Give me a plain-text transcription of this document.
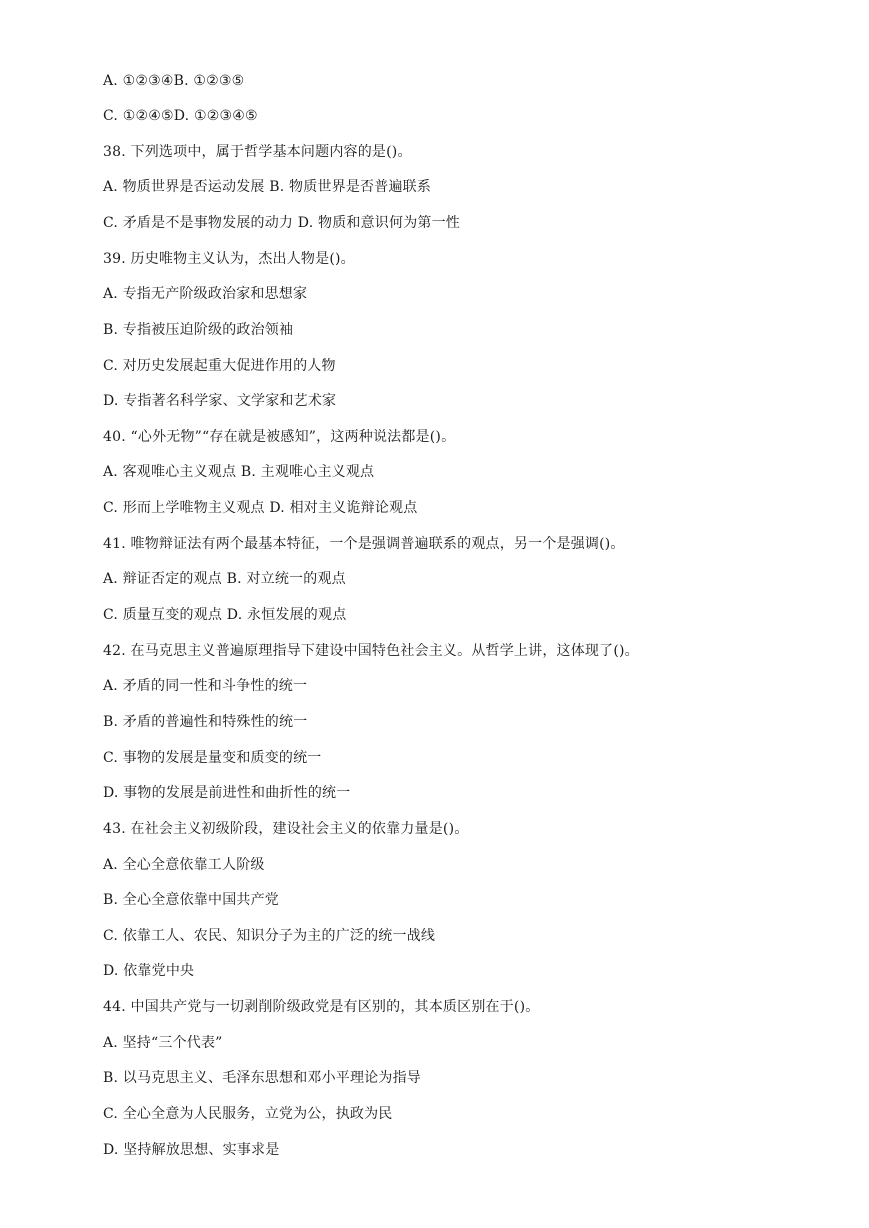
A. ①②③④B. ①②③⑤
C. ①②④⑤D. ①②③④⑤
38. 下列选项中，属于哲学基本问题内容的是()。
A. 物质世界是否运动发展 B. 物质世界是否普遍联系
C. 矛盾是不是事物发展的动力 D. 物质和意识何为第一性
39. 历史唯物主义认为，杰出人物是()。
A. 专指无产阶级政治家和思想家
B. 专指被压迫阶级的政治领袖
C. 对历史发展起重大促进作用的人物
D. 专指著名科学家、文学家和艺术家
40. “心外无物”“存在就是被感知”，这两种说法都是()。
A. 客观唯心主义观点 B. 主观唯心主义观点
C. 形而上学唯物主义观点 D. 相对主义诡辩论观点
41. 唯物辩证法有两个最基本特征，一个是强调普遍联系的观点，另一个是强调()。
A. 辩证否定的观点 B. 对立统一的观点
C. 质量互变的观点 D. 永恒发展的观点
42. 在马克思主义普遍原理指导下建设中国特色社会主义。从哲学上讲，这体现了()。
A. 矛盾的同一性和斗争性的统一
B. 矛盾的普遍性和特殊性的统一
C. 事物的发展是量变和质变的统一
D. 事物的发展是前进性和曲折性的统一
43. 在社会主义初级阶段，建设社会主义的依靠力量是()。
A. 全心全意依靠工人阶级
B. 全心全意依靠中国共产党
C. 依靠工人、农民、知识分子为主的广泛的统一战线
D. 依靠党中央
44. 中国共产党与一切剥削阶级政党是有区别的，其本质区别在于()。
A. 坚持“三个代表”
B. 以马克思主义、毛泽东思想和邓小平理论为指导
C. 全心全意为人民服务，立党为公，执政为民
D. 坚持解放思想、实事求是
